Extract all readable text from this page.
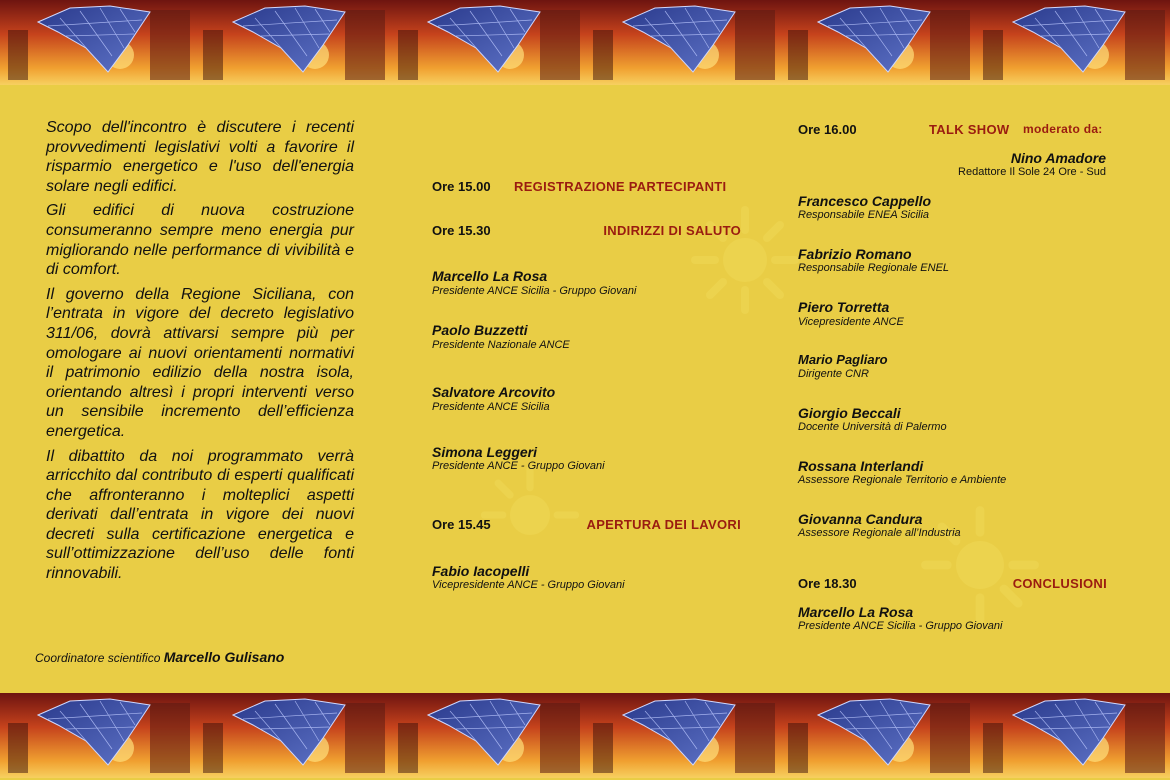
Scopo dell'incontro è discutere i recenti provvedimenti legislativi volti a favorire il risparmio energetico e l'uso dell'energia solare negli edifici.

Gli edifici di nuova costruzione consumeranno sempre meno energia pur migliorando nelle performance di vivibilità e di comfort.

Il governo della Regione Siciliana, con l’entrata in vigore del decreto legislativo 311/06, dovrà attivarsi sempre più per omologare ai nuovi orientamenti normativi il patrimonio edilizio della nostra isola, orientando altresì i propri interventi verso un sensibile incremento dell’efficienza energetica.

Il dibattito da noi programmato verrà arricchito dal contributo di esperti qualificati che affronteranno i molteplici aspetti derivati dall’entrata in vigore dei nuovi decreti sulla certificazione energetica e sull’ottimizzazione dell’uso delle fonti rinnovabili.

Coordinatore scientifico Marcello Gulisano
Ore 15.00 REGISTRAZIONE PARTECIPANTI
Ore 15.30	INDIRIZZI DI SALUTO
Marcello La Rosa
Presidente ANCE Sicilia - Gruppo Giovani
Paolo Buzzetti
Presidente Nazionale ANCE
Salvatore Arcovito
Presidente ANCE Sicilia
Simona Leggeri
Presidente ANCE - Gruppo Giovani
Ore 15.45	APERTURA DEI LAVORI
Fabio Iacopelli
Vicepresidente ANCE - Gruppo Giovani
Ore 16.00	TALK SHOW moderato da:
Nino Amadore
Redattore Il Sole 24 Ore - Sud
Francesco Cappello
Responsabile ENEA Sicilia
Fabrizio Romano
Responsabile Regionale ENEL
Piero Torretta
Vicepresidente ANCE
Mario Pagliaro
Dirigente CNR
Giorgio Beccali
Docente Università di Palermo
Rossana Interlandi
Assessore Regionale Territorio e Ambiente
Giovanna Candura
Assessore Regionale all’Industria
Ore 18.30	CONCLUSIONI
Marcello La Rosa
Presidente ANCE Sicilia - Gruppo Giovani
